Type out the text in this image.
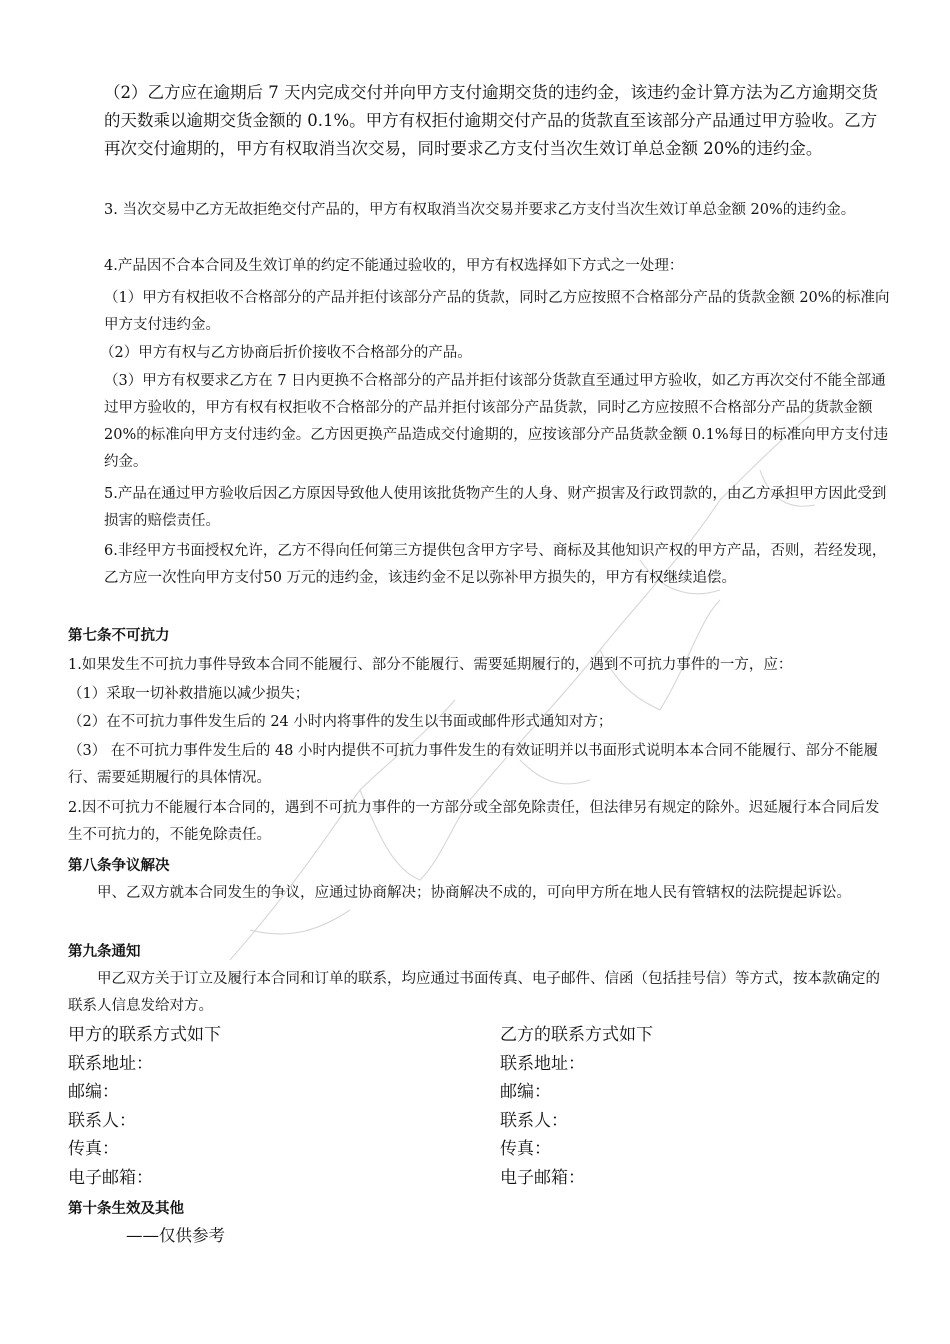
（2）乙方应在逾期后 7 天内完成交付并向甲方支付逾期交货的违约金，该违约金计算方法为乙方逾期交货的天数乘以逾期交货金额的 0.1%。甲方有权拒付逾期交付产品的货款直至该部分产品通过甲方验收。乙方再次交付逾期的，甲方有权取消当次交易，同时要求乙方支付当次生效订单总金额 20%的违约金。

3. 当次交易中乙方无故拒绝交付产品的，甲方有权取消当次交易并要求乙方支付当次生效订单总金额 20%的违约金。

4.产品因不合本合同及生效订单的约定不能通过验收的，甲方有权选择如下方式之一处理：

（1）甲方有权拒收不合格部分的产品并拒付该部分产品的货款，同时乙方应按照不合格部分产品的货款金额 20%的标准向甲方支付违约金。

（2）甲方有权与乙方协商后折价接收不合格部分的产品。

（3）甲方有权要求乙方在 7 日内更换不合格部分的产品并拒付该部分货款直至通过甲方验收，如乙方再次交付不能全部通过甲方验收的，甲方有权有权拒收不合格部分的产品并拒付该部分产品货款，同时乙方应按照不合格部分产品的货款金额 20%的标准向甲方支付违约金。乙方因更换产品造成交付逾期的，应按该部分产品货款金额 0.1%每日的标准向甲方支付违约金。

5.产品在通过甲方验收后因乙方原因导致他人使用该批货物产生的人身、财产损害及行政罚款的，由乙方承担甲方因此受到损害的赔偿责任。

6.非经甲方书面授权允许，乙方不得向任何第三方提供包含甲方字号、商标及其他知识产权的甲方产品，否则，若经发现，乙方应一次性向甲方支付50 万元的违约金，该违约金不足以弥补甲方损失的，甲方有权继续追偿。

第七条不可抗力

1.如果发生不可抗力事件导致本合同不能履行、部分不能履行、需要延期履行的，遇到不可抗力事件的一方，应：

（1）采取一切补救措施以减少损失；

（2）在不可抗力事件发生后的 24 小时内将事件的发生以书面或邮件形式通知对方；

（3） 在不可抗力事件发生后的 48 小时内提供不可抗力事件发生的有效证明并以书面形式说明本本合同不能履行、部分不能履行、需要延期履行的具体情况。

2.因不可抗力不能履行本合同的，遇到不可抗力事件的一方部分或全部免除责任，但法律另有规定的除外。迟延履行本合同后发生不可抗力的，不能免除责任。

第八条争议解决

甲、乙双方就本合同发生的争议，应通过协商解决；协商解决不成的，可向甲方所在地人民有管辖权的法院提起诉讼。

第九条通知

甲乙双方关于订立及履行本合同和订单的联系，均应通过书面传真、电子邮件、信函（包括挂号信）等方式，按本款确定的联系人信息发给对方。

甲方的联系方式如下
联系地址：
邮编：
联系人：
传真：
电子邮箱：
乙方的联系方式如下
联系地址：
邮编：
联系人：
传真：
电子邮箱：

第十条生效及其他

——仅供参考
